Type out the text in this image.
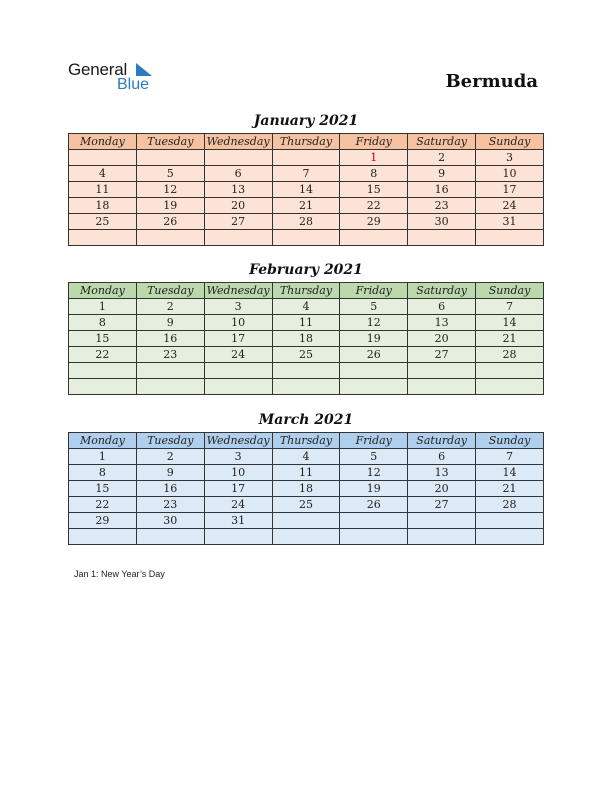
General
Blue	Bermuda
January 2021
Monday	Tuesday	Wednesday	Thursday	Friday	Saturday	Sunday
				1	2	3
4	5	6	7	8	9	10
11	12	13	14	15	16	17
18	19	20	21	22	23	24
25	26	27	28	29	30	31

February 2021
Monday	Tuesday	Wednesday	Thursday	Friday	Saturday	Sunday
1	2	3	4	5	6	7
8	9	10	11	12	13	14
15	16	17	18	19	20	21
22	23	24	25	26	27	28

March 2021
Monday	Tuesday	Wednesday	Thursday	Friday	Saturday	Sunday
1	2	3	4	5	6	7
8	9	10	11	12	13	14
15	16	17	18	19	20	21
22	23	24	25	26	27	28
29	30	31				

Jan 1: New Year’s Day
